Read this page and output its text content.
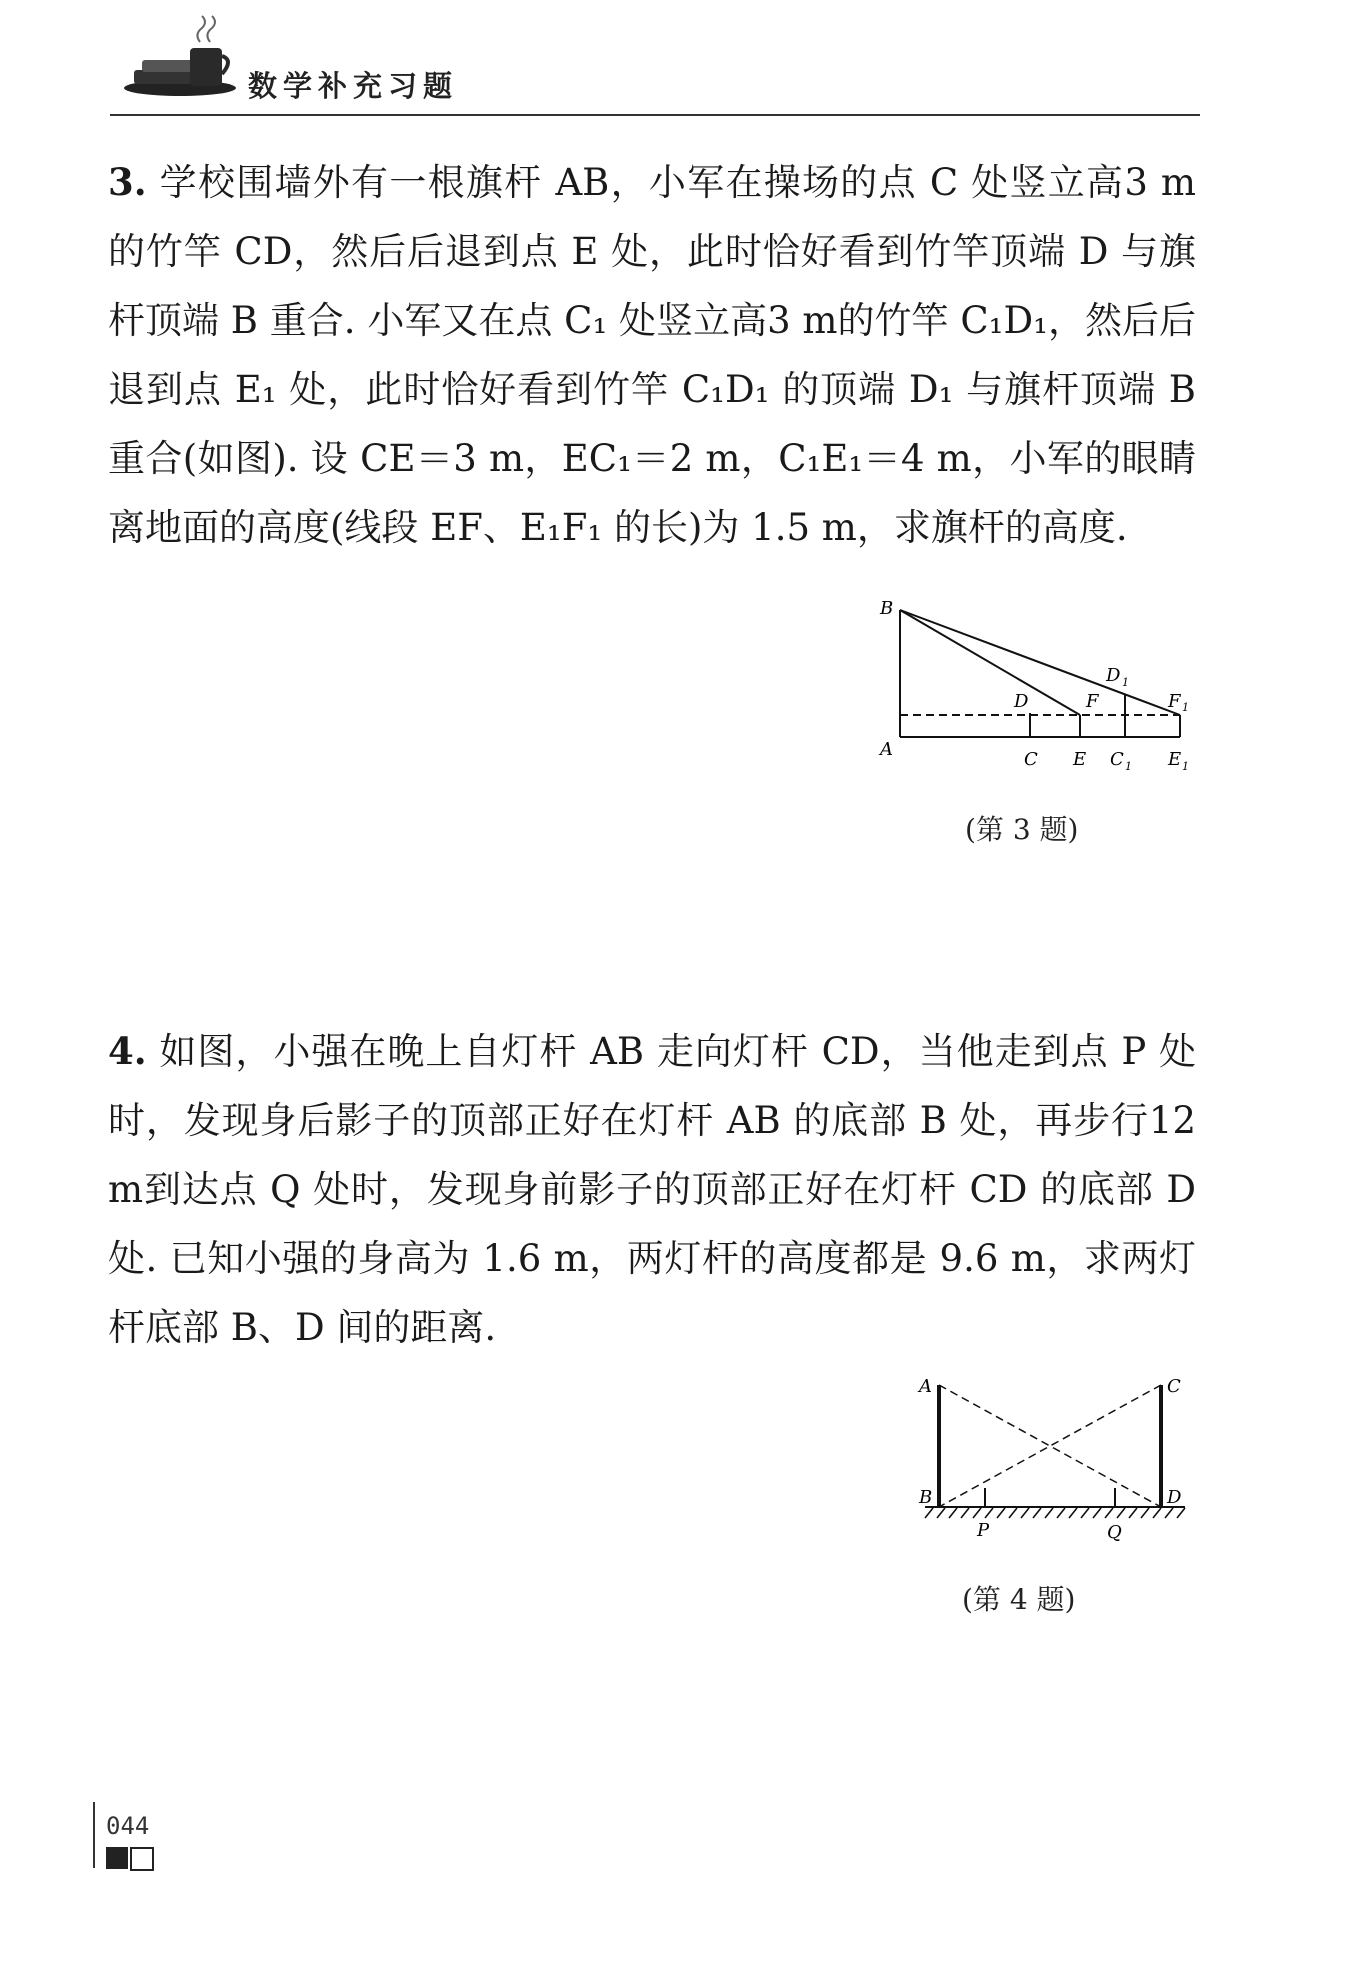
数学补充习题
3. 学校围墙外有一根旗杆 AB，小军在操场的点 C 处竖立高3 m的竹竿 CD，然后后退到点 E 处，此时恰好看到竹竿顶端 D 与旗杆顶端 B 重合. 小军又在点 C₁ 处竖立高3 m的竹竿 C₁D₁，然后后退到点 E₁ 处，此时恰好看到竹竿 C₁D₁ 的顶端 D₁ 与旗杆顶端 B 重合(如图). 设 CE＝3 m，EC₁＝2 m，C₁E₁＝4 m，小军的眼睛离地面的高度(线段 EF、E₁F₁ 的长)为 1.5 m，求旗杆的高度.
B
A
D	F
D 1
F 1
C E C 1 E 1
(第 3 题)
4. 如图，小强在晚上自灯杆 AB 走向灯杆 CD，当他走到点 P 处时，发现身后影子的顶部正好在灯杆 AB 的底部 B 处，再步行12 m到达点 Q 处时，发现身前影子的顶部正好在灯杆 CD 的底部 D 处. 已知小强的身高为 1.6 m，两灯杆的高度都是 9.6 m，求两灯杆底部 B、D 间的距离.
A
B
C
D
P	Q
(第 4 题)
044
